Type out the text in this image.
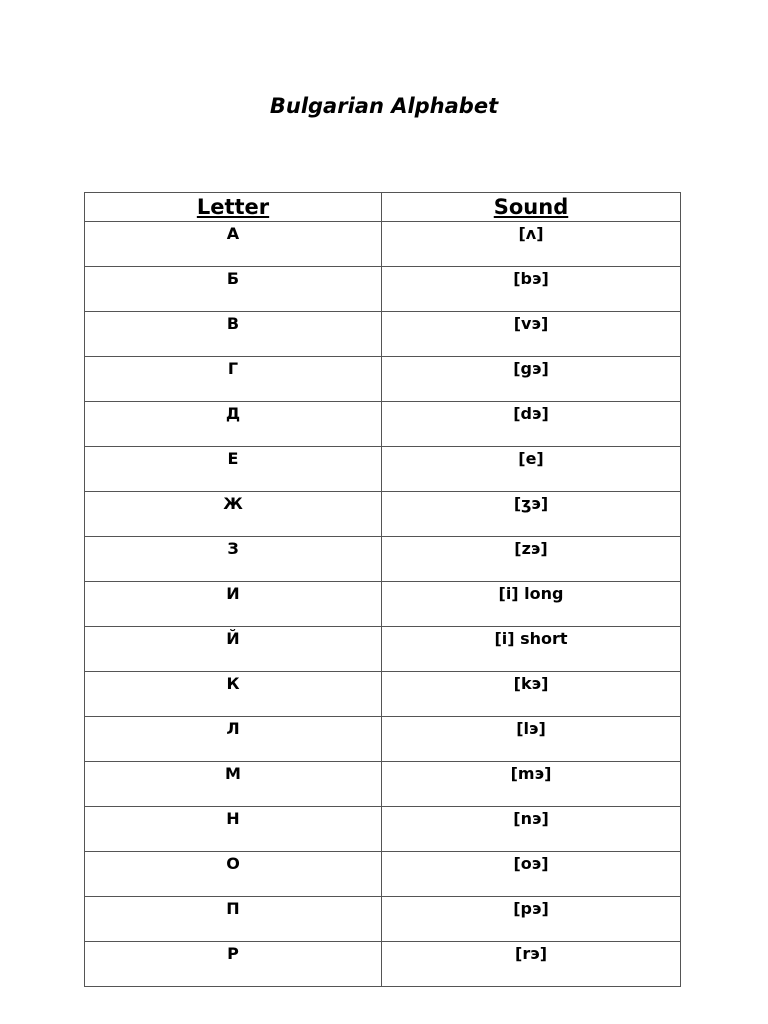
Bulgarian Alphabet
Letter	Sound
А	[ʌ]
Б	[bэ]
В	[vэ]
Г	[gэ]
Д	[dэ]
Е	[e]
Ж	[ʒэ]
З	[zэ]
И	[i] long
Й	[i] short
К	[kэ]
Л	[lэ]
М	[mэ]
Н	[nэ]
О	[oэ]
П	[pэ]
Р	[rэ]
